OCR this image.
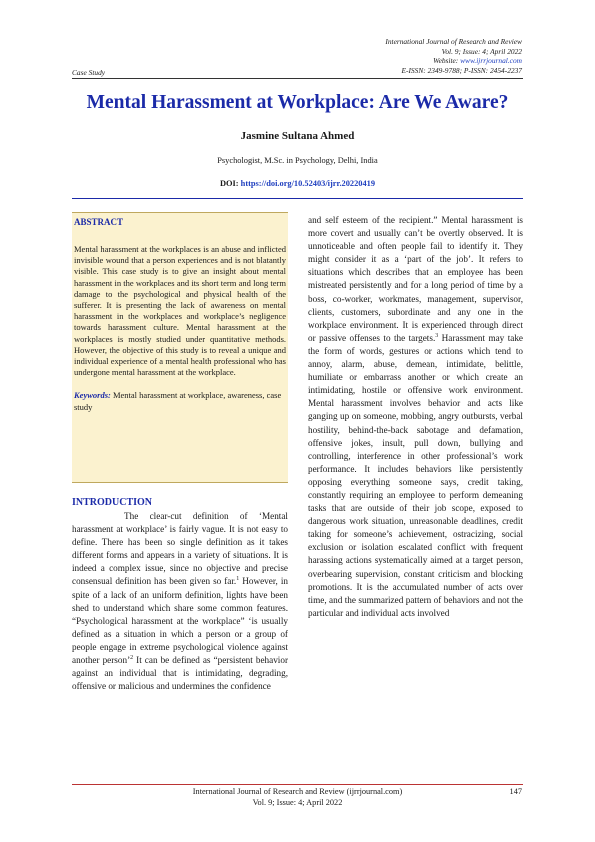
International Journal of Research and Review
Vol. 9; Issue: 4; April 2022
Website: www.ijrrjournal.com
E-ISSN: 2349-9788; P-ISSN: 2454-2237
Case Study
Mental Harassment at Workplace: Are We Aware?
Jasmine Sultana Ahmed
Psychologist, M.Sc. in Psychology, Delhi, India
DOI: https://doi.org/10.52403/ijrr.20220419
ABSTRACT

Mental harassment at the workplaces is an abuse and inflicted invisible wound that a person experiences and is not blatantly visible. This case study is to give an insight about mental harassment in the workplaces and its short term and long term damage to the psychological and physical health of the sufferer. It is presenting the lack of awareness on mental harassment in the workplaces and workplace’s negligence towards harassment culture. Mental harassment at the workplaces is mostly studied under quantitative methods. However, the objective of this study is to reveal a unique and individual experience of a mental health professional who has undergone mental harassment at the workplace.

Keywords: Mental harassment at workplace, awareness, case study
INTRODUCTION

The clear-cut definition of ‘Mental harassment at workplace’ is fairly vague. It is not easy to define. There has been so single definition as it takes different forms and appears in a variety of situations. It is indeed a complex issue, since no objective and precise consensual definition has been given so far.$^1$ However, in spite of a lack of an uniform definition, lights have been shed to understand which share some common features. “Psychological harassment at the workplace” ‘is usually defined as a situation in which a person or a group of people engage in extreme psychological violence against another person’$^2$ It can be defined as “persistent behavior against an individual that is intimidating, degrading, offensive or malicious and undermines the confidence

and self esteem of the recipient.” Mental harassment is more covert and usually can’t be overtly observed. It is unnoticeable and often people fail to identify it. They might consider it as a ‘part of the job’. It refers to situations which describes that an employee has been mistreated persistently and for a long period of time by a boss, co-worker, workmates, management, supervisor, clients, customers, subordinate and any one in the workplace environment. It is experienced through direct or passive offenses to the targets.$^3$ Harassment may take the form of words, gestures or actions which tend to annoy, alarm, abuse, demean, intimidate, belittle, humiliate or embarrass another or which create an intimidating, hostile or offensive work environment. Mental harassment involves behavior and acts like ganging up on someone, mobbing, angry outbursts, verbal hostility, behind-the-back sabotage and defamation, offensive jokes, insult, pull down, bullying and controlling, interference in other professional’s work performance. It includes behaviors like persistently opposing everything someone says, credit taking, constantly requiring an employee to perform demeaning tasks that are outside of their job scope, exposed to dangerous work situation, unreasonable deadlines, credit taking for someone’s achievement, ostracizing, social exclusion or isolation escalated conflict with frequent harassing actions systematically aimed at a target person, overbearing supervision, constant criticism and blocking promotions. It is the accumulated number of acts over time, and the summarized pattern of behaviors and not the particular and individual acts involved

International Journal of Research and Review (ijrrjournal.com)
Vol. 9; Issue: 4; April 2022
147
